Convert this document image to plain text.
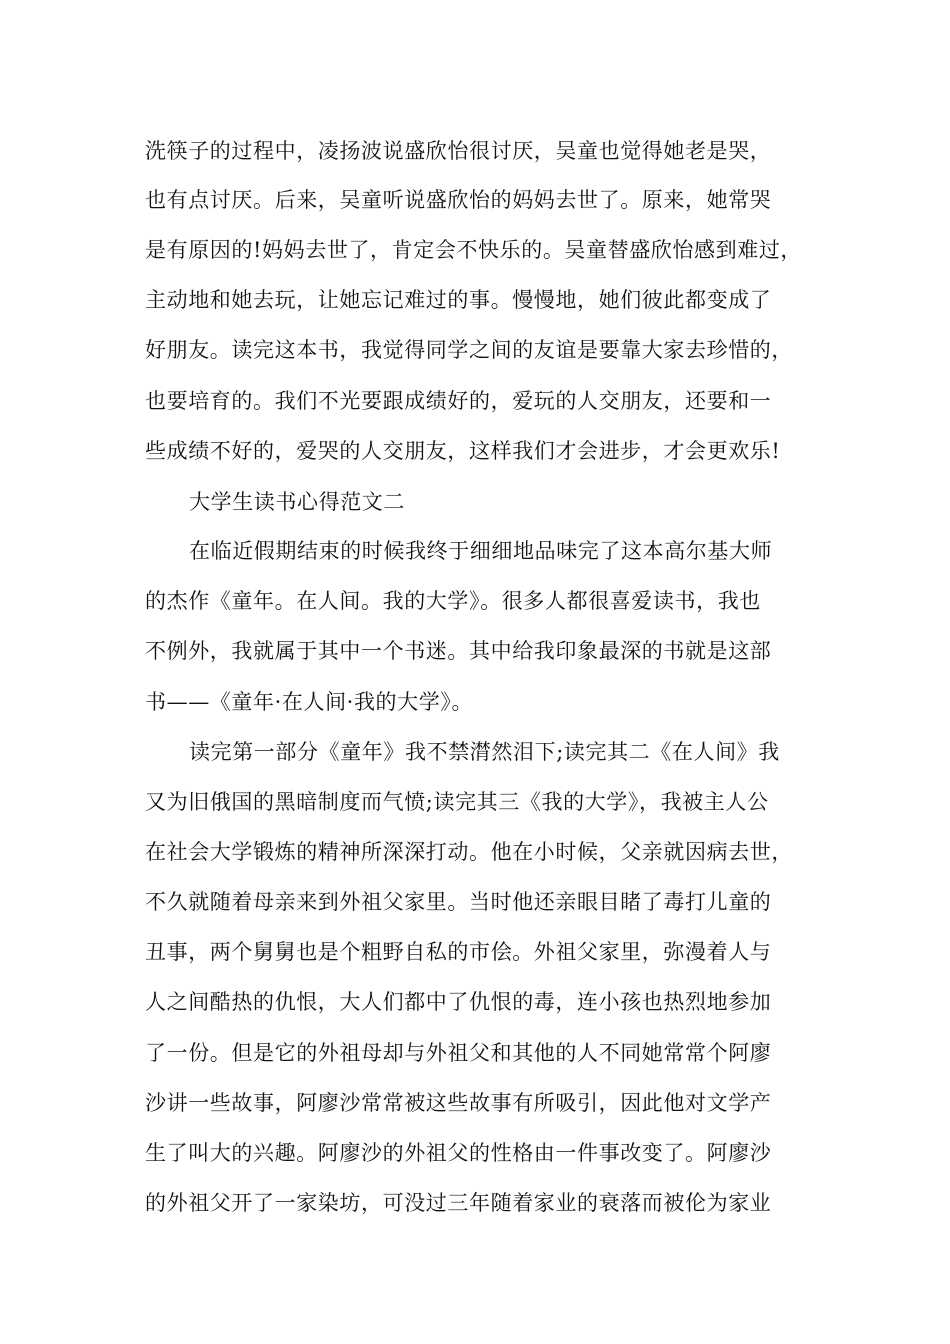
洗筷子的过程中，凌扬波说盛欣怡很讨厌，吴童也觉得她老是哭，
也有点讨厌。后来，吴童听说盛欣怡的妈妈去世了。原来，她常哭
是有原因的!妈妈去世了，肯定会不快乐的。吴童替盛欣怡感到难过，
主动地和她去玩，让她忘记难过的事。慢慢地，她们彼此都变成了
好朋友。读完这本书，我觉得同学之间的友谊是要靠大家去珍惜的，
也要培育的。我们不光要跟成绩好的，爱玩的人交朋友，还要和一
些成绩不好的，爱哭的人交朋友，这样我们才会进步，才会更欢乐!
大学生读书心得范文二
在临近假期结束的时候我终于细细地品味完了这本高尔基大师
的杰作《童年。在人间。我的大学》。很多人都很喜爱读书，我也
不例外，我就属于其中一个书迷。其中给我印象最深的书就是这部
书——《童年·在人间·我的大学》。
读完第一部分《童年》我不禁潸然泪下;读完其二《在人间》我
又为旧俄国的黑暗制度而气愤;读完其三《我的大学》，我被主人公
在社会大学锻炼的精神所深深打动。他在小时候，父亲就因病去世，
不久就随着母亲来到外祖父家里。当时他还亲眼目睹了毒打儿童的
丑事，两个舅舅也是个粗野自私的市侩。外祖父家里，弥漫着人与
人之间酷热的仇恨，大人们都中了仇恨的毒，连小孩也热烈地参加
了一份。但是它的外祖母却与外祖父和其他的人不同她常常个阿廖
沙讲一些故事，阿廖沙常常被这些故事有所吸引，因此他对文学产
生了叫大的兴趣。阿廖沙的外祖父的性格由一件事改变了。阿廖沙
的外祖父开了一家染坊，可没过三年随着家业的衰落而被伦为家业
